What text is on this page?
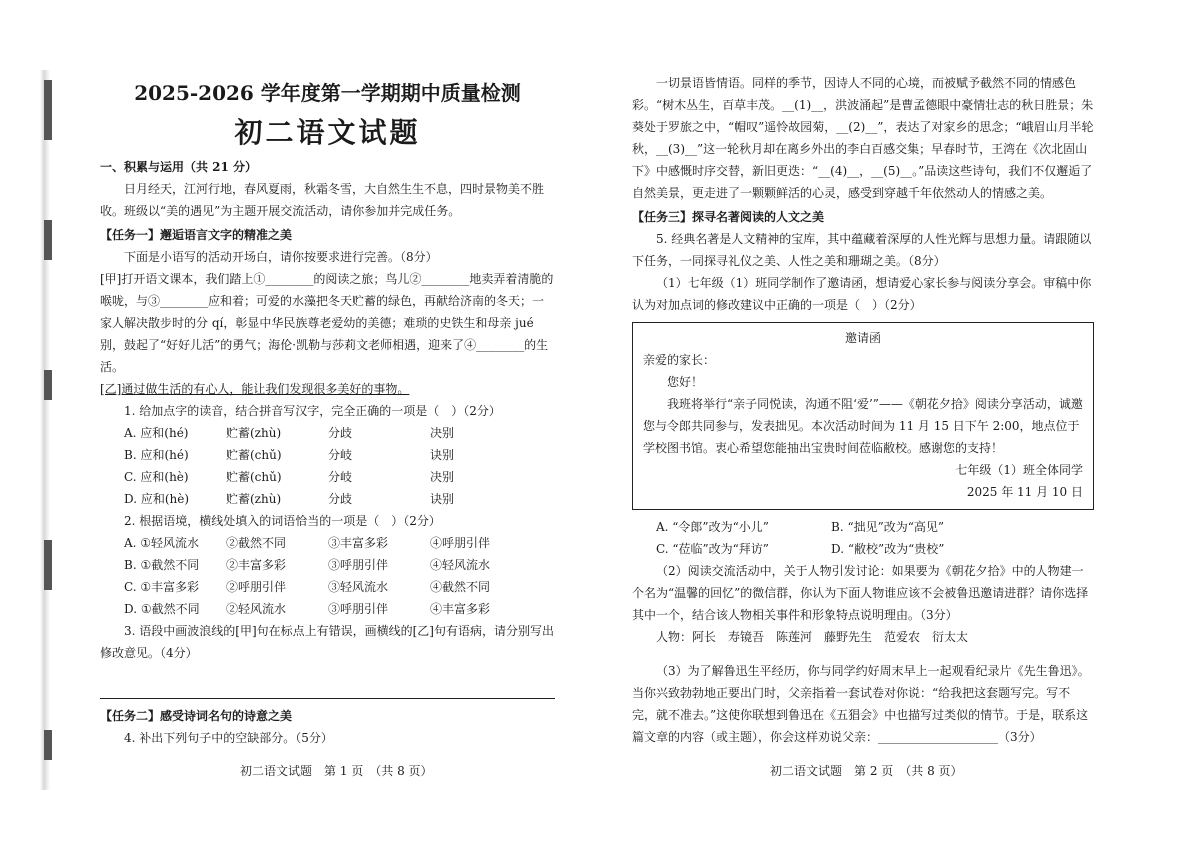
2025-2026 学年度第一学期期中质量检测
初二语文试题
一、积累与运用（共 21 分）

日月经天，江河行地，春风夏雨，秋霜冬雪，大自然生生不息，四时景物美不胜收。班级以“美的遇见”为主题开展交流活动，请你参加并完成任务。

【任务一】邂逅语言文字的精准之美

下面是小语写的活动开场白，请你按要求进行完善。（8分）

[甲]打开语文课本，我们踏上①________的阅读之旅；鸟儿②________地卖弄着清脆的喉咙，与③________应和着；可爱的水藻把冬天贮蓄的绿色，再献给济南的冬天；一家人解决散步时的分 qí，彰显中华民族尊老爱幼的美德；难琐的史铁生和母亲 jué 别，鼓起了“好好儿活”的勇气；海伦·凯勒与莎莉文老师相遇，迎来了④________的生活。

[乙]通过做生活的有心人，能让我们发现很多美好的事物。

1. 给加点字的读音，结合拼音写汉字，完全正确的一项是（　）（2分）

A. 应和(hé)	贮蓄(zhù)	分歧	决别
B. 应和(hé)	贮蓄(chǔ)	分岐	诀别
C. 应和(hè)	贮蓄(chǔ)	分岐	决别
D. 应和(hè)	贮蓄(zhù)	分歧	诀别

2. 根据语境，横线处填入的词语恰当的一项是（　）（2分）

A. ①轻风流水	②截然不同	③丰富多彩	④呼朋引伴
B. ①截然不同	②丰富多彩	③呼朋引伴	④轻风流水
C. ①丰富多彩	②呼朋引伴	③轻风流水	④截然不同
D. ①截然不同	②轻风流水	③呼朋引伴	④丰富多彩

3. 语段中画波浪线的[甲]句在标点上有错误，画横线的[乙]句有语病，请分别写出修改意见。（4分）

【任务二】感受诗词名句的诗意之美

4. 补出下列句子中的空缺部分。（5分）

一切景语皆情语。同样的季节，因诗人不同的心境，而被赋予截然不同的情感色彩。“树木丛生，百草丰茂。__(1)__，洪波涌起”是曹孟德眼中豪情壮志的秋日胜景；朱葵处于罗旅之中，“帽叹”遥怜故园菊，__(2)__”，表达了对家乡的思念；“峨眉山月半轮秋，__(3)__”这一轮秋月却在离乡外出的李白百感交集；早春时节，王湾在《次北固山下》中感慨时序交替，新旧更迭：“__(4)__，__(5)__。”品读这些诗句，我们不仅邂逅了自然美景，更走进了一颗颗鲜活的心灵，感受到穿越千年依然动人的情感之美。

【任务三】探寻名著阅读的人文之美

5. 经典名著是人文精神的宝库，其中蕴藏着深厚的人性光辉与思想力量。请跟随以下任务，一同探寻礼仪之美、人性之美和珊瑚之美。（8分）

（1）七年级（1）班同学制作了邀请函，想请爱心家长参与阅读分享会。审稿中你认为对加点词的修改建议中正确的一项是（　）（2分）

邀请函

亲爱的家长：

您好！

我班将举行“亲子同悦读，沟通不阻‘爱’”——《朝花夕拾》阅读分享活动，诚邀您与令郎共同参与，发表拙见。本次活动时间为 11 月 15 日下午 2:00，地点位于学校图书馆。衷心希望您能抽出宝贵时间莅临敝校。感谢您的支持！

七年级（1）班全体同学

2025 年 11 月 10 日

A. “令郎”改为“小儿”	B. “拙见”改为“高见”
C. “莅临”改为“拜访”	D. “敝校”改为“贵校”

（2）阅读交流活动中，关于人物引发讨论：如果要为《朝花夕拾》中的人物建一个名为“温馨的回忆”的微信群，你认为下面人物谁应该不会被鲁迅邀请进群？请你选择其中一个，结合该人物相关事件和形象特点说明理由。（3分）

人物：阿长　寿镜吾　陈莲河　藤野先生　范爱农　衍太太

（3）为了解鲁迅生平经历，你与同学约好周末早上一起观看纪录片《先生鲁迅》。当你兴致勃勃地正要出门时，父亲指着一套试卷对你说：“给我把这套题写完。写不完，就不准去。”这使你联想到鲁迅在《五猖会》中也描写过类似的情节。于是，联系这篇文章的内容（或主题），你会这样劝说父亲：____________________（3分）

初二语文试题　第 1 页　（共 8 页）	初二语文试题　第 2 页　（共 8 页）
